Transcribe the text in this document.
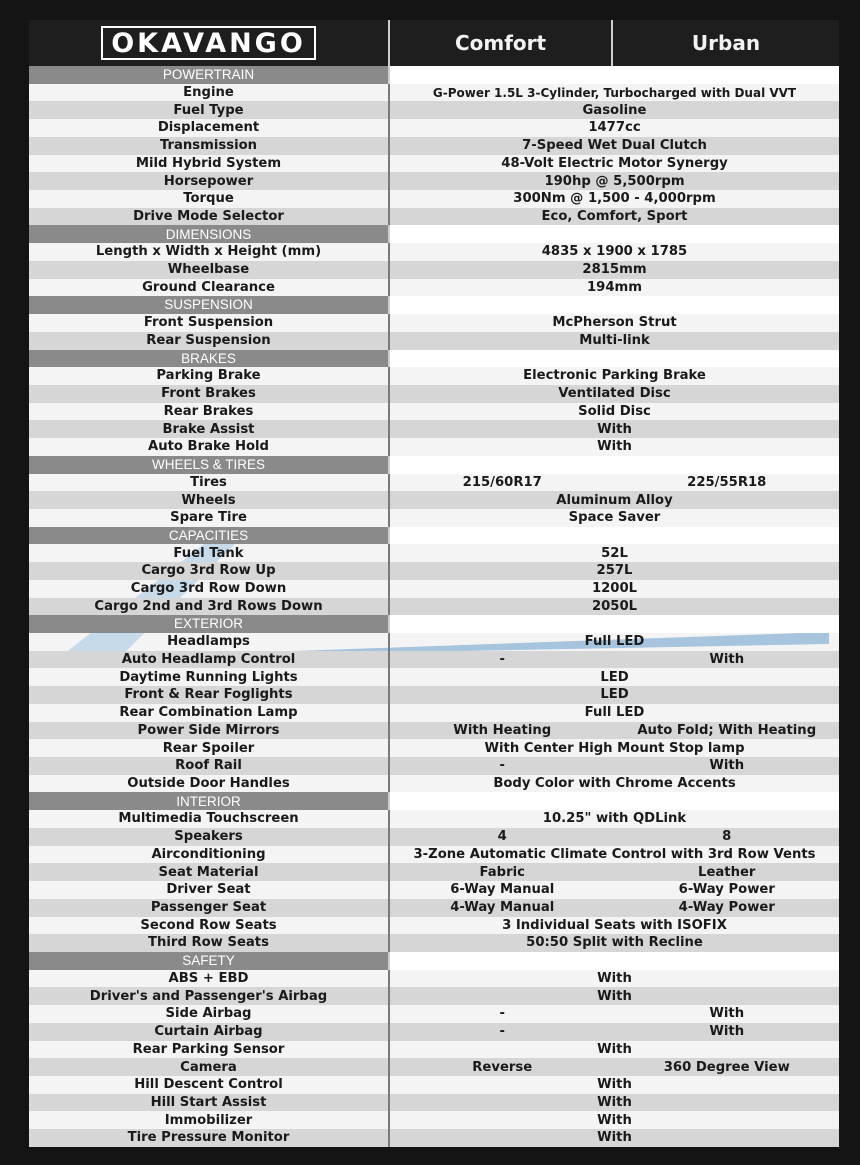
OKAVANGO	Comfort	Urban
POWERTRAIN
Engine	G-Power 1.5L 3-Cylinder, Turbocharged with Dual VVT
Fuel Type	Gasoline
Displacement	1477cc
Transmission	7-Speed Wet Dual Clutch
Mild Hybrid System	48-Volt Electric Motor Synergy
Horsepower	190hp @ 5,500rpm
Torque	300Nm @ 1,500 - 4,000rpm
Drive Mode Selector	Eco, Comfort, Sport
DIMENSIONS
Length x Width x Height (mm)	4835 x 1900 x 1785
Wheelbase	2815mm
Ground Clearance	194mm
SUSPENSION
Front Suspension	McPherson Strut
Rear Suspension	Multi-link
BRAKES
Parking Brake	Electronic Parking Brake
Front Brakes	Ventilated Disc
Rear Brakes	Solid Disc
Brake Assist	With
Auto Brake Hold	With
WHEELS & TIRES
Tires	215/60R17	225/55R18
Wheels	Aluminum Alloy
Spare Tire	Space Saver
CAPACITIES
Fuel Tank	52L
Cargo 3rd Row Up	257L
Cargo 3rd Row Down	1200L
Cargo 2nd and 3rd Rows Down	2050L
EXTERIOR
Headlamps	Full LED
Auto Headlamp Control	-	With
Daytime Running Lights	LED
Front & Rear Foglights	LED
Rear Combination Lamp	Full LED
Power Side Mirrors	With Heating	Auto Fold; With Heating
Rear Spoiler	With Center High Mount Stop lamp
Roof Rail	-	With
Outside Door Handles	Body Color with Chrome Accents
INTERIOR
Multimedia Touchscreen	10.25" with QDLink
Speakers	4	8
Airconditioning	3-Zone Automatic Climate Control with 3rd Row Vents
Seat Material	Fabric	Leather
Driver Seat	6-Way Manual	6-Way Power
Passenger Seat	4-Way Manual	4-Way Power
Second Row Seats	3 Individual Seats with ISOFIX
Third Row Seats	50:50 Split with Recline
SAFETY
ABS + EBD	With
Driver's and Passenger's Airbag	With
Side Airbag	-	With
Curtain Airbag	-	With
Rear Parking Sensor	With
Camera	Reverse	360 Degree View
Hill Descent Control	With
Hill Start Assist	With
Immobilizer	With
Tire Pressure Monitor	With
